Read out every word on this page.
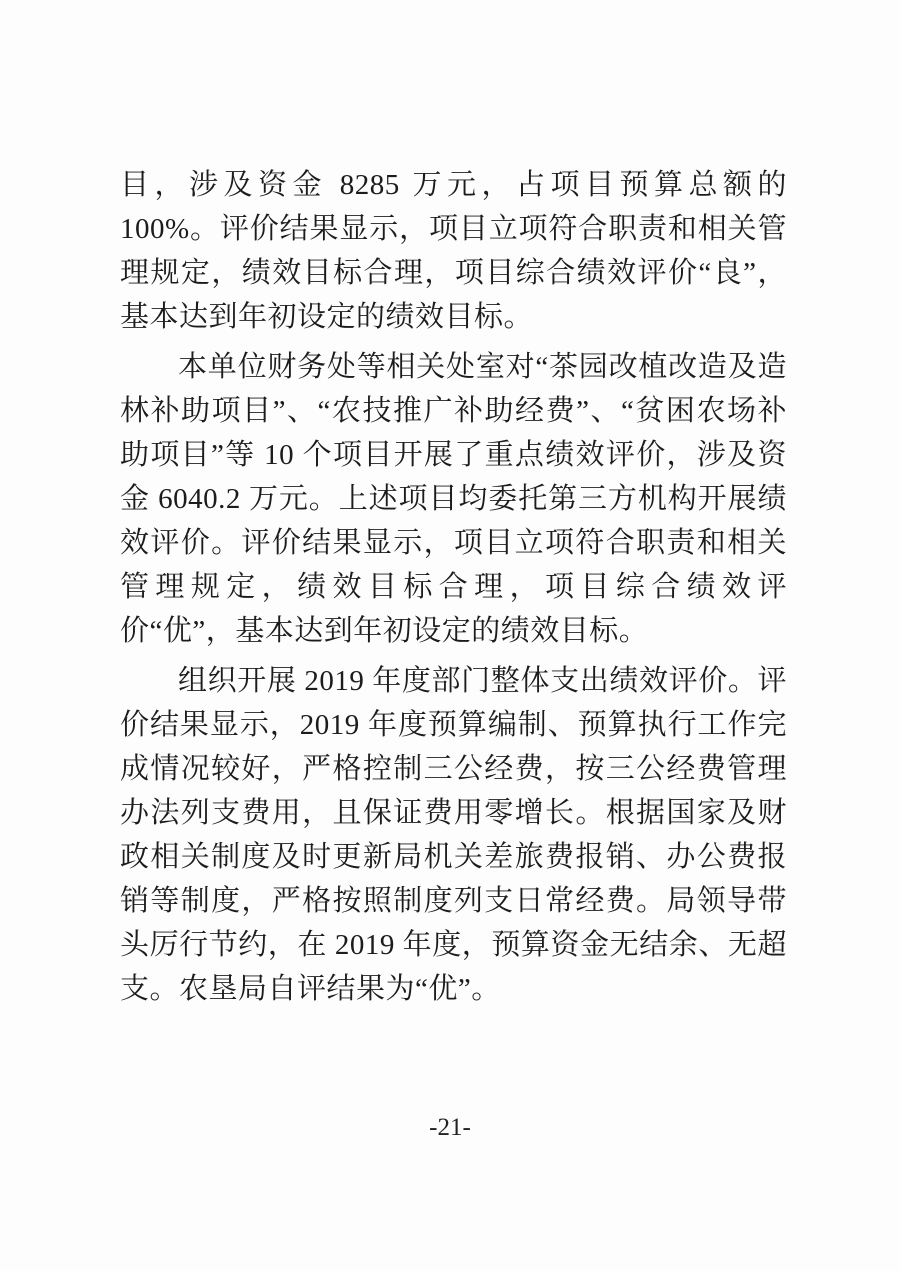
目，涉及资金 8285 万元，占项目预算总额的 100%。评价结果显示，项目立项符合职责和相关管理规定，绩效目标合理，项目综合绩效评价“良”，基本达到年初设定的绩效目标。

本单位财务处等相关处室对“茶园改植改造及造林补助项目”、“农技推广补助经费”、“贫困农场补助项目”等 10 个项目开展了重点绩效评价，涉及资金 6040.2 万元。上述项目均委托第三方机构开展绩效评价。评价结果显示，项目立项符合职责和相关管理规定，绩效目标合理，项目综合绩效评价“优”，基本达到年初设定的绩效目标。

组织开展 2019 年度部门整体支出绩效评价。评价结果显示，2019 年度预算编制、预算执行工作完成情况较好，严格控制三公经费，按三公经费管理办法列支费用，且保证费用零增长。根据国家及财政相关制度及时更新局机关差旅费报销、办公费报销等制度，严格按照制度列支日常经费。局领导带头厉行节约，在 2019 年度，预算资金无结余、无超支。农垦局自评结果为“优”。

-21-
